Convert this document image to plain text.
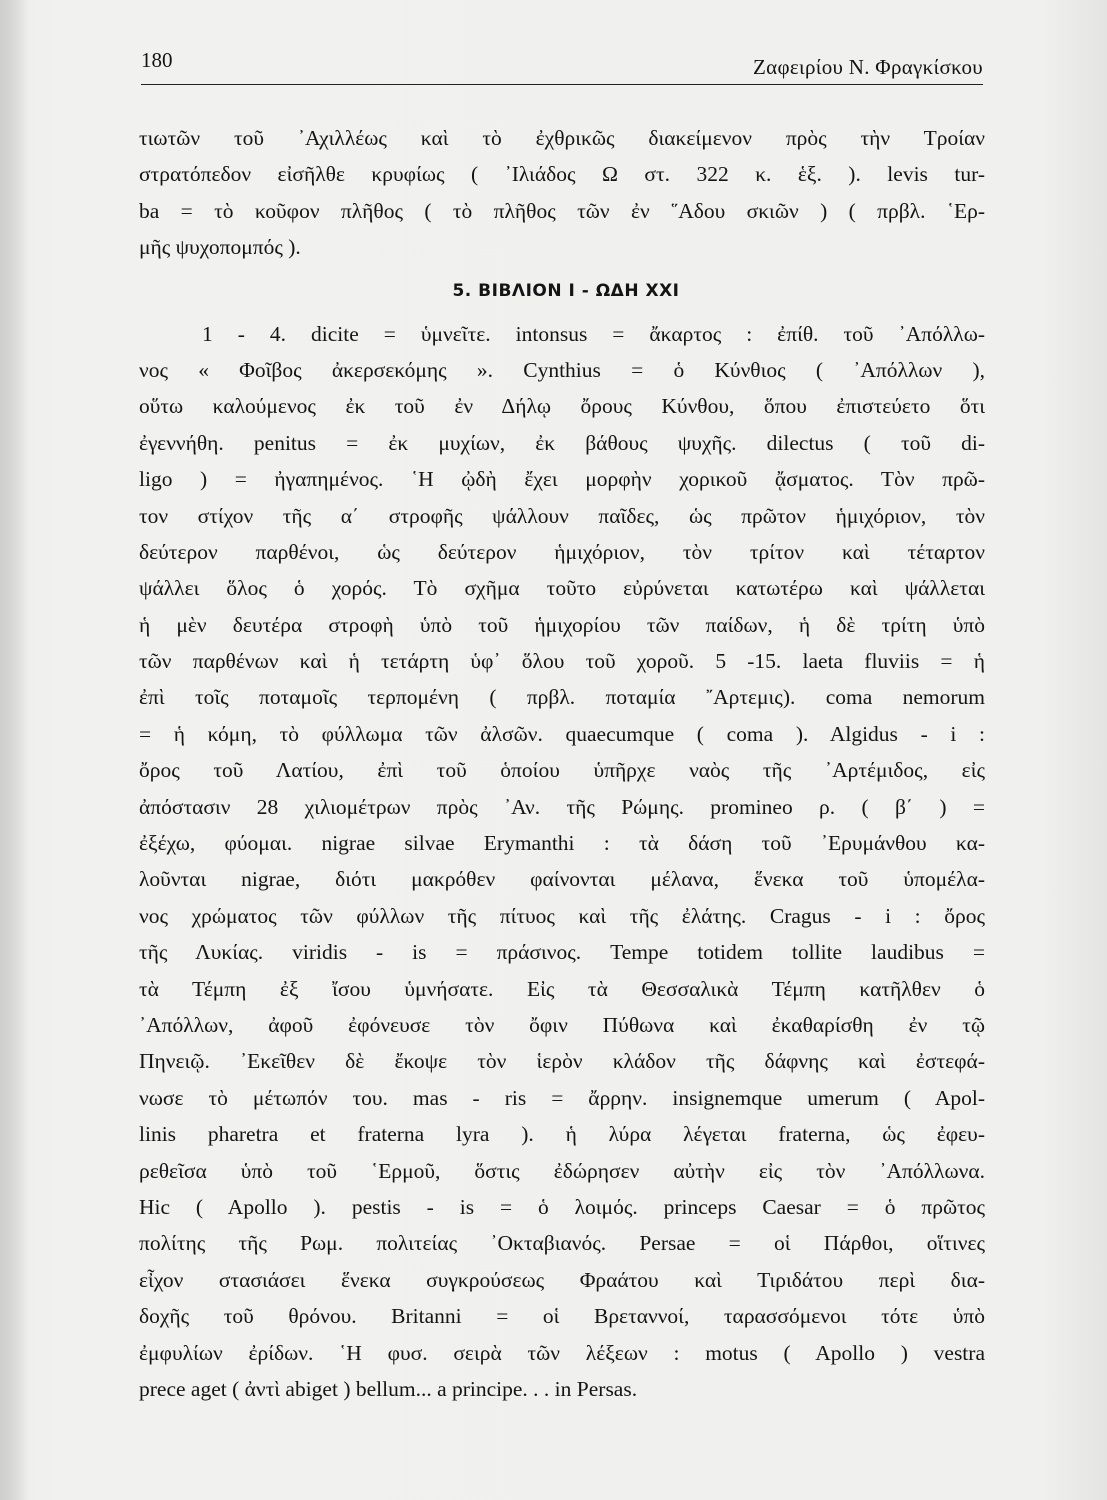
180	Ζαφειρίου Ν. Φραγκίσκου
τιωτῶν τοῦ ᾿Αχιλλέως καὶ τὸ ἐχθρικῶς διακείμενον πρὸς τὴν Τροίαν
στρατόπεδον εἰσῆλθε κρυφίως ( ᾿Ιλιάδος Ω στ. 322 κ. ἑξ. ). levis tur-
ba = τὸ κοῦφον πλῆθος ( τὸ πλῆθος τῶν ἐν ῞Αδου σκιῶν ) ( πρβλ. ῾Ερ-
μῆς ψυχοπομπός ).
5. ΒΙΒΛΙΟΝ Ι - ΩΔΗ XXI
1 - 4. dicite = ὑμνεῖτε. intonsus = ἄκαρτος : ἐπίθ. τοῦ ᾿Απόλλω-
νος « Φοῖβος ἀκερσεκόμης ». Cynthius = ὁ Κύνθιος ( ᾿Απόλλων ),
οὕτω καλούμενος ἐκ τοῦ ἐν Δήλῳ ὄρους Κύνθου, ὅπου ἐπιστεύετο ὅτι
ἐγεννήθη. penitus = ἐκ μυχίων, ἐκ βάθους ψυχῆς. dilectus ( τοῦ di-
ligo ) = ἠγαπημένος. ῾Η ᾠδὴ ἔχει μορφὴν χορικοῦ ᾄσματος. Τὸν πρῶ-
τον στίχον τῆς α΄ στροφῆς ψάλλουν παῖδες, ὡς πρῶτον ἡμιχόριον, τὸν
δεύτερον παρθένοι, ὡς δεύτερον ἡμιχόριον, τὸν τρίτον καὶ τέταρτον
ψάλλει ὅλος ὁ χορός. Τὸ σχῆμα τοῦτο εὐρύνεται κατωτέρω καὶ ψάλλεται
ἡ μὲν δευτέρα στροφὴ ὑπὸ τοῦ ἡμιχορίου τῶν παίδων, ἡ δὲ τρίτη ὑπὸ
τῶν παρθένων καὶ ἡ τετάρτη ὑφ᾿ ὅλου τοῦ χοροῦ. 5 -15. laeta fluviis = ἡ
ἐπὶ τοῖς ποταμοῖς τερπομένη ( πρβλ. ποταμία ῎Αρτεμις). coma nemorum
= ἡ κόμη, τὸ φύλλωμα τῶν ἀλσῶν. quaecumque ( coma ). Algidus - i :
ὄρος τοῦ Λατίου, ἐπὶ τοῦ ὁποίου ὑπῆρχε ναὸς τῆς ᾿Αρτέμιδος, εἰς
ἀπόστασιν 28 χιλιομέτρων πρὸς ᾿Αν. τῆς Ρώμης. promineo ρ. ( β΄ ) =
ἐξέχω, φύομαι. nigrae silvae Erymanthi : τὰ δάση τοῦ ᾿Ερυμάνθου κα-
λοῦνται nigrae, διότι μακρόθεν φαίνονται μέλανα, ἕνεκα τοῦ ὑπομέλα-
νος χρώματος τῶν φύλλων τῆς πίτυος καὶ τῆς ἐλάτης. Cragus - i : ὄρος
τῆς Λυκίας. viridis - is = πράσινος. Tempe totidem tollite laudibus =
τὰ Τέμπη ἐξ ἴσου ὑμνήσατε. Εἰς τὰ Θεσσαλικὰ Τέμπη κατῆλθεν ὁ
᾿Απόλλων, ἀφοῦ ἐφόνευσε τὸν ὄφιν Πύθωνα καὶ ἐκαθαρίσθη ἐν τῷ
Πηνειῷ. ᾿Εκεῖθεν δὲ ἔκοψε τὸν ἱερὸν κλάδον τῆς δάφνης καὶ ἐστεφά-
νωσε τὸ μέτωπόν του. mas - ris = ἄρρην. insignemque umerum ( Apol-
linis pharetra et fraterna lyra ). ἡ λύρα λέγεται fraterna, ὡς ἐφευ-
ρεθεῖσα ὑπὸ τοῦ ῾Ερμοῦ, ὅστις ἐδώρησεν αὐτὴν εἰς τὸν ᾿Απόλλωνα.
Hic ( Apollo ). pestis - is = ὁ λοιμός. princeps Caesar = ὁ πρῶτος
πολίτης τῆς Ρωμ. πολιτείας ᾿Οκταβιανός. Persae = οἱ Πάρθοι, οἵτινες
εἶχον στασιάσει ἕνεκα συγκρούσεως Φραάτου καὶ Τιριδάτου περὶ δια-
δοχῆς τοῦ θρόνου. Britanni = οἱ Βρεταννοί, ταρασσόμενοι τότε ὑπὸ
ἐμφυλίων ἐρίδων. ῾Η φυσ. σειρὰ τῶν λέξεων : motus ( Apollo ) vestra
prece aget ( ἀντὶ abiget ) bellum... a principe. . . in Persas.
